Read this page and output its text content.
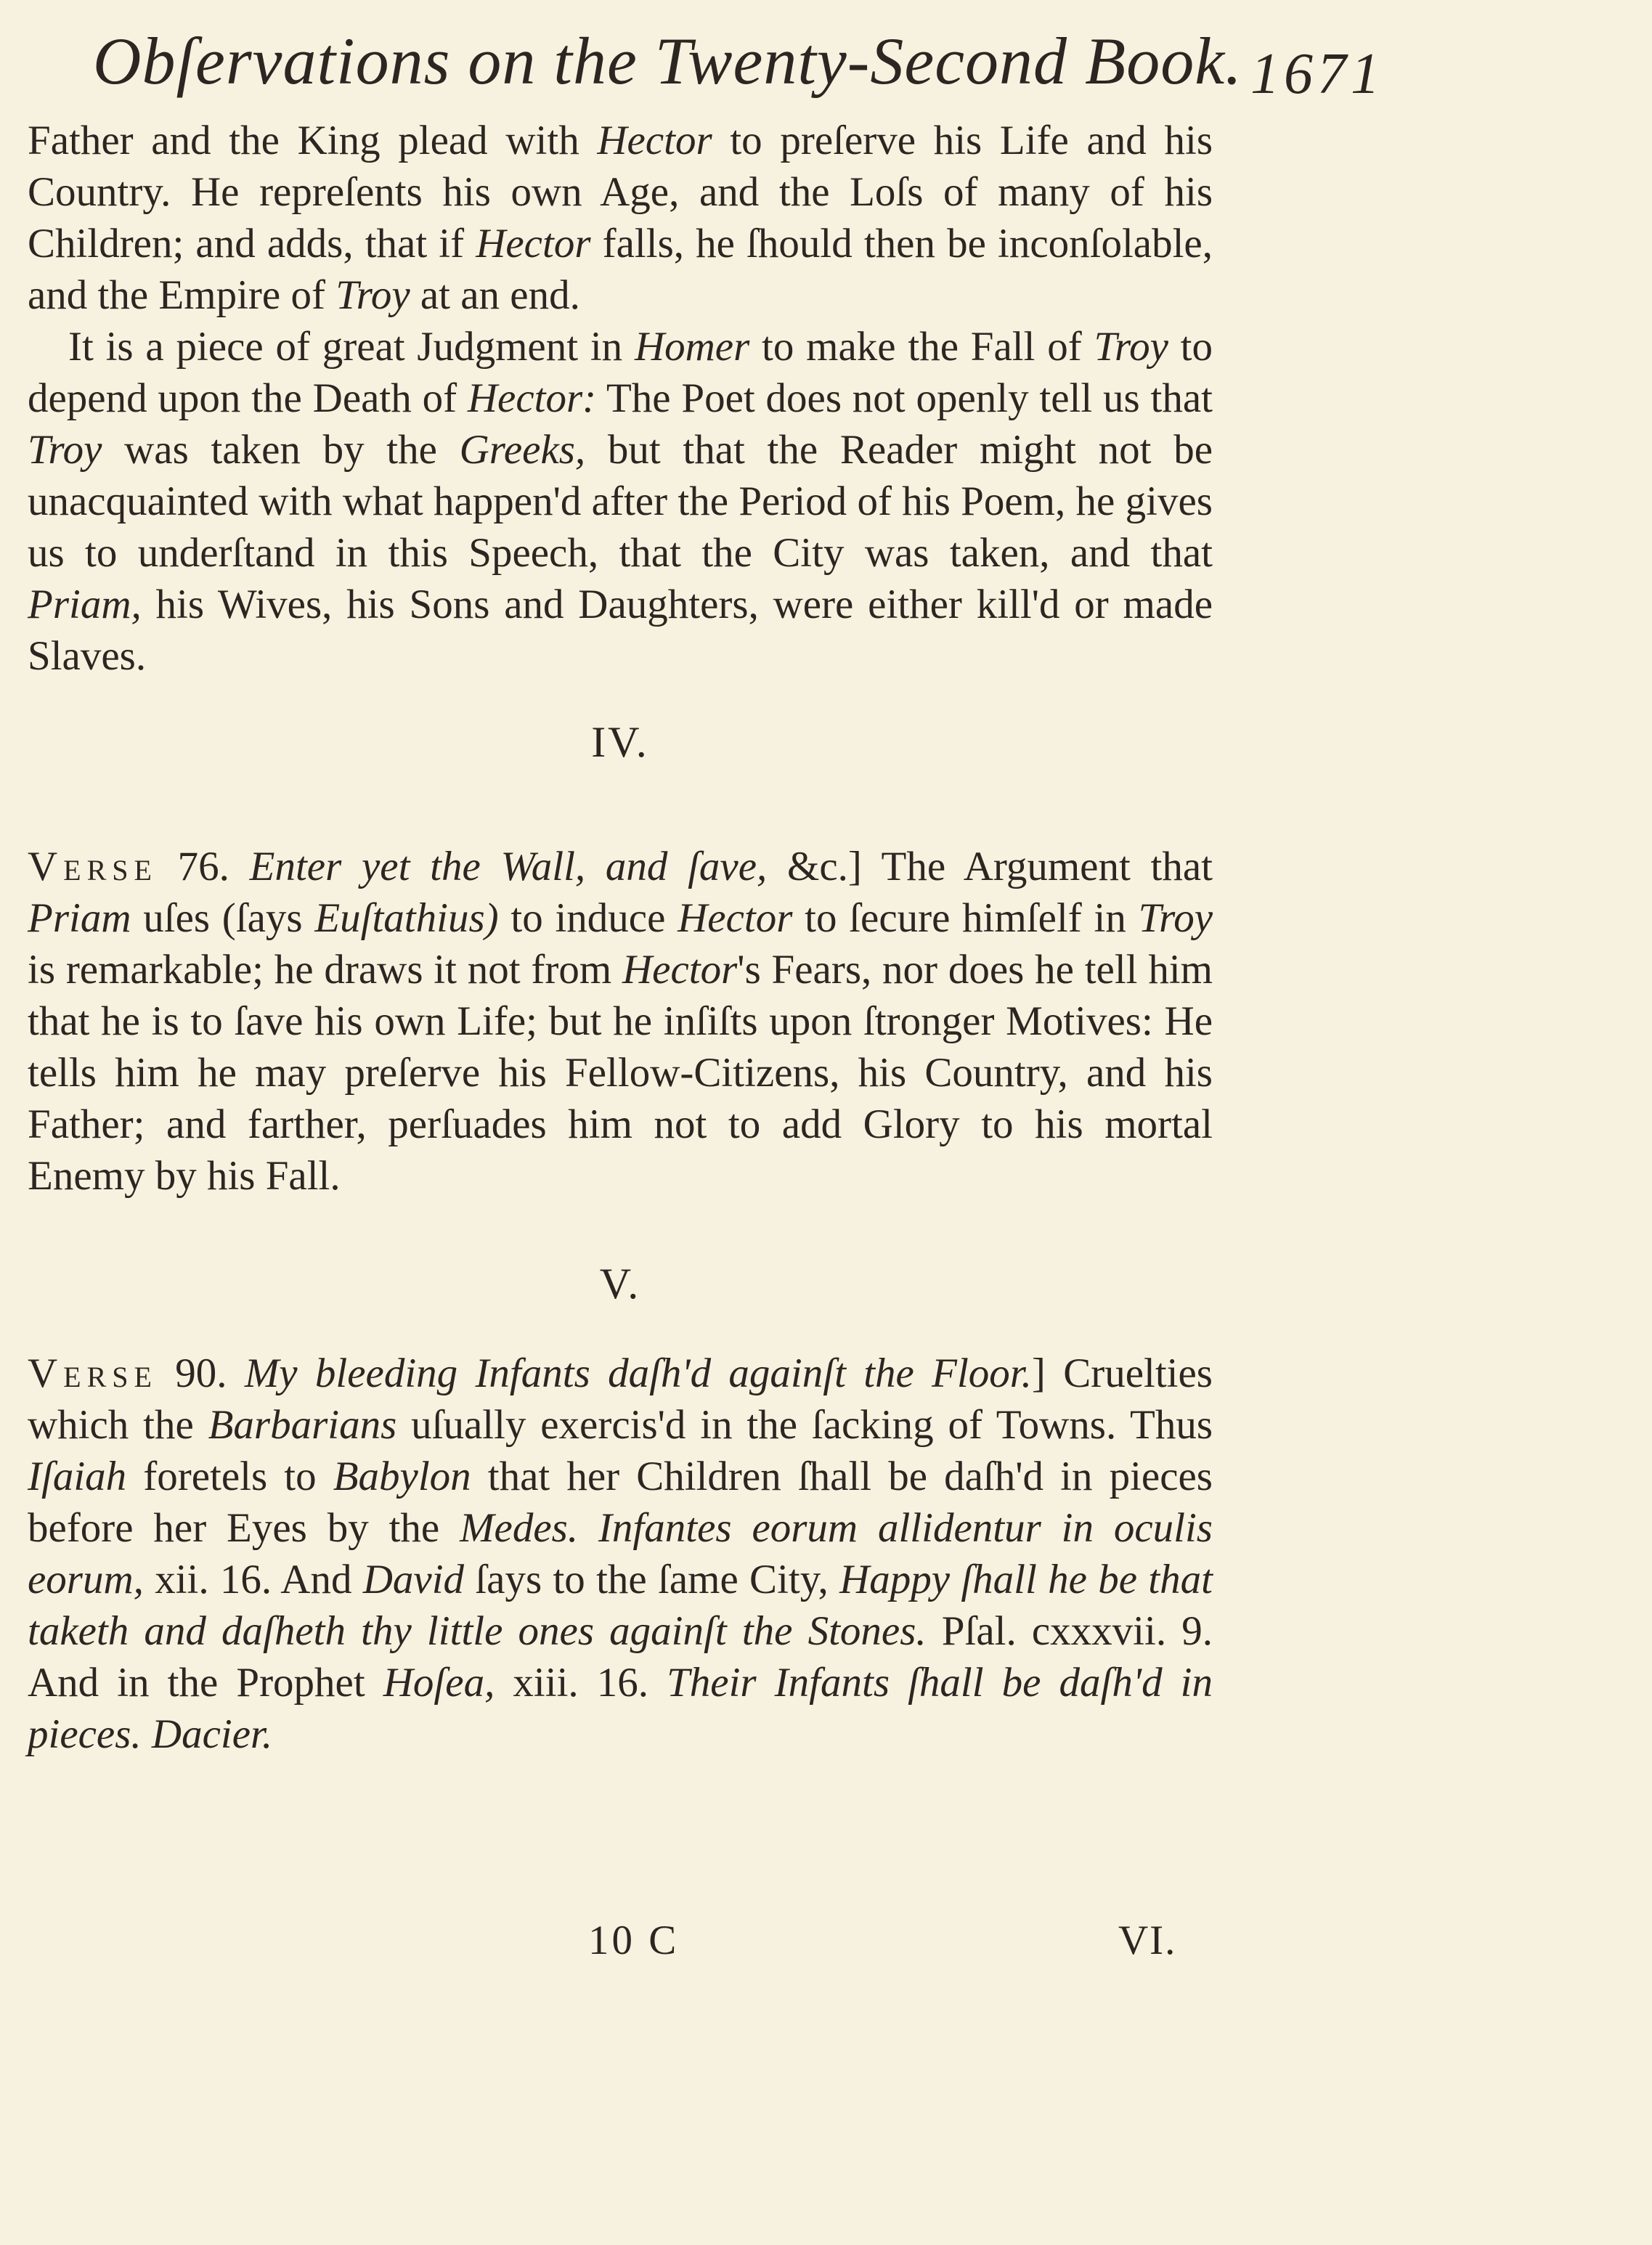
Obſervations on the Twenty-Second Book. 1671

Father and the King plead with Hector to preſerve his Life and his Country. He repreſents his own Age, and the Loſs of many of his Children; and adds, that if Hector falls, he ſhould then be inconſolable, and the Empire of Troy at an end.

It is a piece of great Judgment in Homer to make the Fall of Troy to depend upon the Death of Hector: The Poet does not openly tell us that Troy was taken by the Greeks, but that the Reader might not be unacquainted with what happen'd after the Period of his Poem, he gives us to underſtand in this Speech, that the City was taken, and that Priam, his Wives, his Sons and Daughters, were either kill'd or made Slaves.

IV.

Verse 76. Enter yet the Wall, and ſave, &c.] The Argument that Priam uſes (ſays Euſtathius) to induce Hector to ſecure himſelf in Troy is remarkable; he draws it not from Hector's Fears, nor does he tell him that he is to ſave his own Life; but he inſiſts upon ſtronger Motives: He tells him he may preſerve his Fellow-Citizens, his Country, and his Father; and farther, perſuades him not to add Glory to his mortal Enemy by his Fall.

V.

Verse 90. My bleeding Infants daſh'd againſt the Floor.] Cruelties which the Barbarians uſually exercis'd in the ſacking of Towns. Thus Iſaiah foretels to Babylon that her Children ſhall be daſh'd in pieces before her Eyes by the Medes. Infantes eorum allidentur in oculis eorum, xii. 16. And David ſays to the ſame City, Happy ſhall he be that taketh and daſheth thy little ones againſt the Stones. Pſal. cxxxvii. 9. And in the Prophet Hoſea, xiii. 16. Their Infants ſhall be daſh'd in pieces. Dacier.

10 C	VI.
